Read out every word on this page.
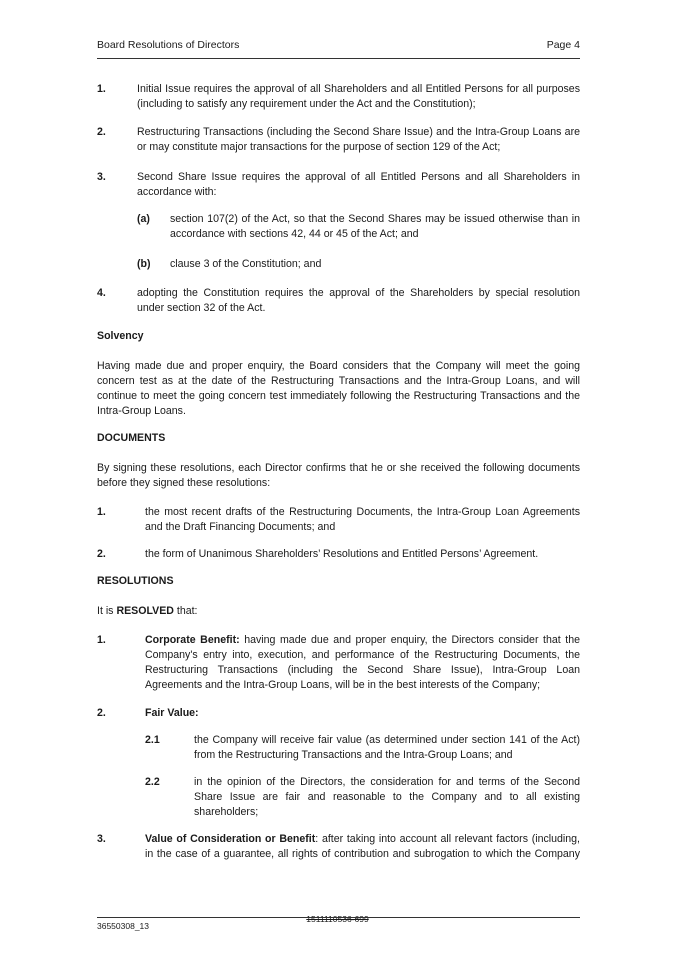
Board Resolutions of Directors	Page 4
1.	Initial Issue requires the approval of all Shareholders and all Entitled Persons for all purposes (including to satisfy any requirement under the Act and the Constitution);
2.	Restructuring Transactions (including the Second Share Issue) and the Intra-Group Loans are or may constitute major transactions for the purpose of section 129 of the Act;
3.	Second Share Issue requires the approval of all Entitled Persons and all Shareholders in accordance with:
(a) section 107(2) of the Act, so that the Second Shares may be issued otherwise than in accordance with sections 42, 44 or 45 of the Act; and
(b) clause 3 of the Constitution; and
4.	adopting the Constitution requires the approval of the Shareholders by special resolution under section 32 of the Act.
Solvency
Having made due and proper enquiry, the Board considers that the Company will meet the going concern test as at the date of the Restructuring Transactions and the Intra-Group Loans, and will continue to meet the going concern test immediately following the Restructuring Transactions and the Intra-Group Loans.
DOCUMENTS
By signing these resolutions, each Director confirms that he or she received the following documents before they signed these resolutions:
1.	the most recent drafts of the Restructuring Documents, the Intra-Group Loan Agreements and the Draft Financing Documents; and
2.	the form of Unanimous Shareholders’ Resolutions and Entitled Persons’ Agreement.
RESOLUTIONS
It is RESOLVED that:
1.	Corporate Benefit: having made due and proper enquiry, the Directors consider that the Company's entry into, execution, and performance of the Restructuring Documents, the Restructuring Transactions (including the Second Share Issue), Intra-Group Loan Agreements and the Intra-Group Loans, will be in the best interests of the Company;
2.	Fair Value:
2.1	the Company will receive fair value (as determined under section 141 of the Act) from the Restructuring Transactions and the Intra-Group Loans; and
2.2	in the opinion of the Directors, the consideration for and terms of the Second Share Issue are fair and reasonable to the Company and to all existing shareholders;
3.	Value of Consideration or Benefit: after taking into account all relevant factors (including, in the case of a guarantee, all rights of contribution and subrogation to which the Company
1511110536-699
36550308_13
